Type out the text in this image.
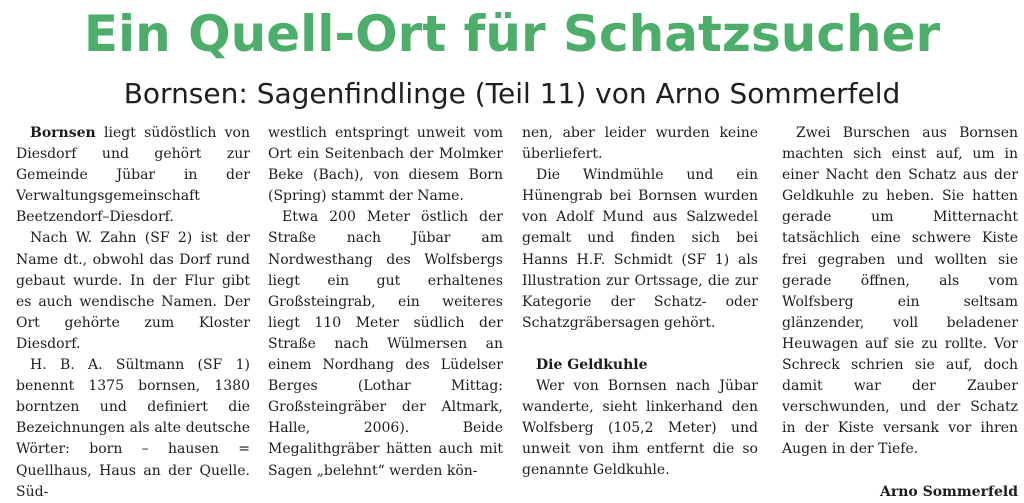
Ein Quell-Ort für Schatzsucher
Bornsen: Sagenfindlinge (Teil 11) von Arno Sommerfeld

Bornsen liegt südöstlich von Diesdorf und gehört zur Gemeinde Jübar in der Verwaltungsgemeinschaft Beetzendorf–Diesdorf.

Nach W. Zahn (SF 2) ist der Name dt., obwohl das Dorf rund gebaut wurde. In der Flur gibt es auch wendische Namen. Der Ort gehörte zum Kloster Diesdorf.

H. B. A. Sültmann (SF 1) benennt 1375 bornsen, 1380 borntzen und definiert die Bezeichnungen als alte deutsche Wörter: born – hausen = Quellhaus, Haus an der Quelle. Süd-

westlich entspringt unweit vom Ort ein Seitenbach der Molmker Beke (Bach), von diesem Born (Spring) stammt der Name.

Etwa 200 Meter östlich der Straße nach Jübar am Nordwesthang des Wolfsbergs liegt ein gut erhaltenes Großsteingrab, ein weiteres liegt 110 Meter südlich der Straße nach Wülmersen an einem Nordhang des Lüdelser Berges (Lothar Mittag: Großsteingräber der Altmark, Halle, 2006). Beide Megalithgräber hätten auch mit Sagen „belehnt“ werden kön-

nen, aber leider wurden keine überliefert.

Die Windmühle und ein Hünengrab bei Bornsen wurden von Adolf Mund aus Salzwedel gemalt und finden sich bei Hanns H.F. Schmidt (SF 1) als Illustration zur Ortssage, die zur Kategorie der Schatz- oder Schatzgräbersagen gehört.

Die Geldkuhle

Wer von Bornsen nach Jübar wanderte, sieht linkerhand den Wolfsberg (105,2 Meter) und unweit von ihm entfernt die so genannte Geldkuhle.

Zwei Burschen aus Bornsen machten sich einst auf, um in einer Nacht den Schatz aus der Geldkuhle zu heben. Sie hatten gerade um Mitternacht tatsächlich eine schwere Kiste frei gegraben und wollten sie gerade öffnen, als vom Wolfsberg ein seltsam glänzender, voll beladener Heuwagen auf sie zu rollte. Vor Schreck schrien sie auf, doch damit war der Zauber verschwunden, und der Schatz in der Kiste versank vor ihren Augen in der Tiefe.

Arno Sommerfeld
